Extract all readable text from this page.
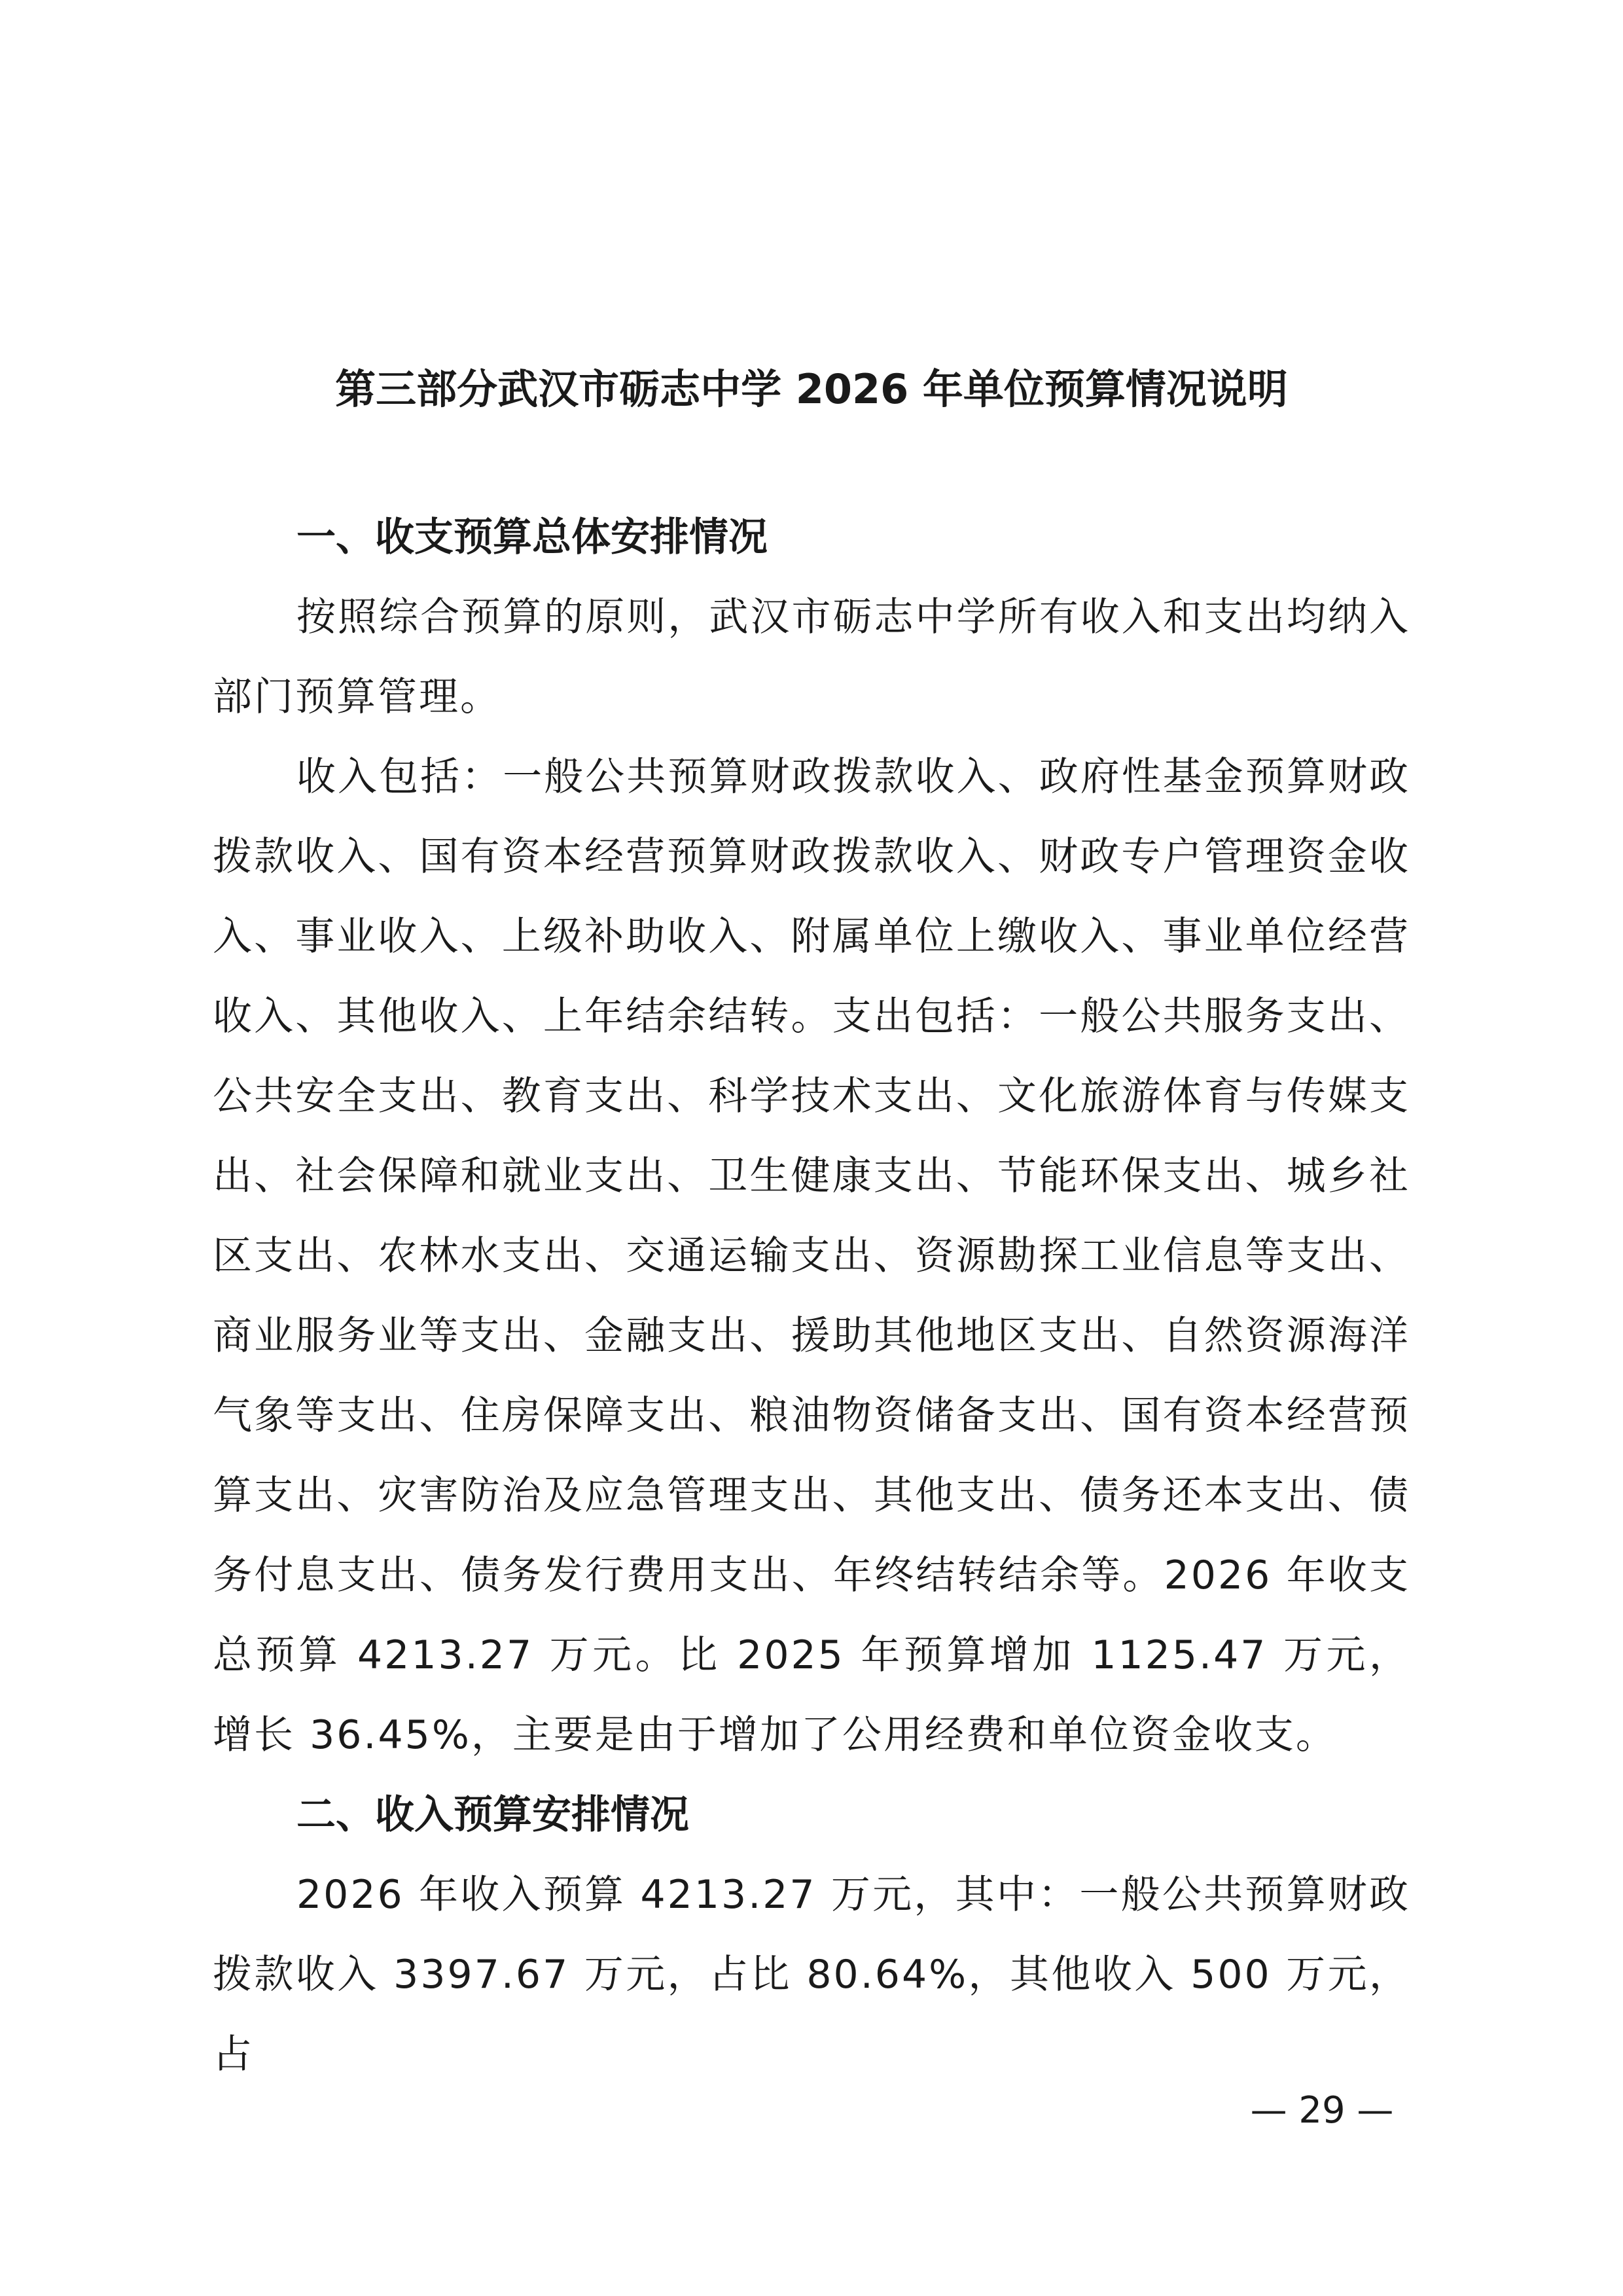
第三部分武汉市砺志中学 2026 年单位预算情况说明
一、收支预算总体安排情况

按照综合预算的原则，武汉市砺志中学所有收入和支出均纳入部门预算管理。

收入包括：一般公共预算财政拨款收入、政府性基金预算财政拨款收入、国有资本经营预算财政拨款收入、财政专户管理资金收入、事业收入、上级补助收入、附属单位上缴收入、事业单位经营收入、其他收入、上年结余结转。支出包括：一般公共服务支出、公共安全支出、教育支出、科学技术支出、文化旅游体育与传媒支出、社会保障和就业支出、卫生健康支出、节能环保支出、城乡社区支出、农林水支出、交通运输支出、资源勘探工业信息等支出、商业服务业等支出、金融支出、援助其他地区支出、自然资源海洋气象等支出、住房保障支出、粮油物资储备支出、国有资本经营预算支出、灾害防治及应急管理支出、其他支出、债务还本支出、债务付息支出、债务发行费用支出、年终结转结余等。2026 年收支总预算 4213.27 万元。比 2025 年预算增加 1125.47 万元，增长 36.45%，主要是由于增加了公用经费和单位资金收支。

二、收入预算安排情况

2026 年收入预算 4213.27 万元，其中：一般公共预算财政拨款收入 3397.67 万元，占比 80.64%，其他收入 500 万元，占

— 29 —
